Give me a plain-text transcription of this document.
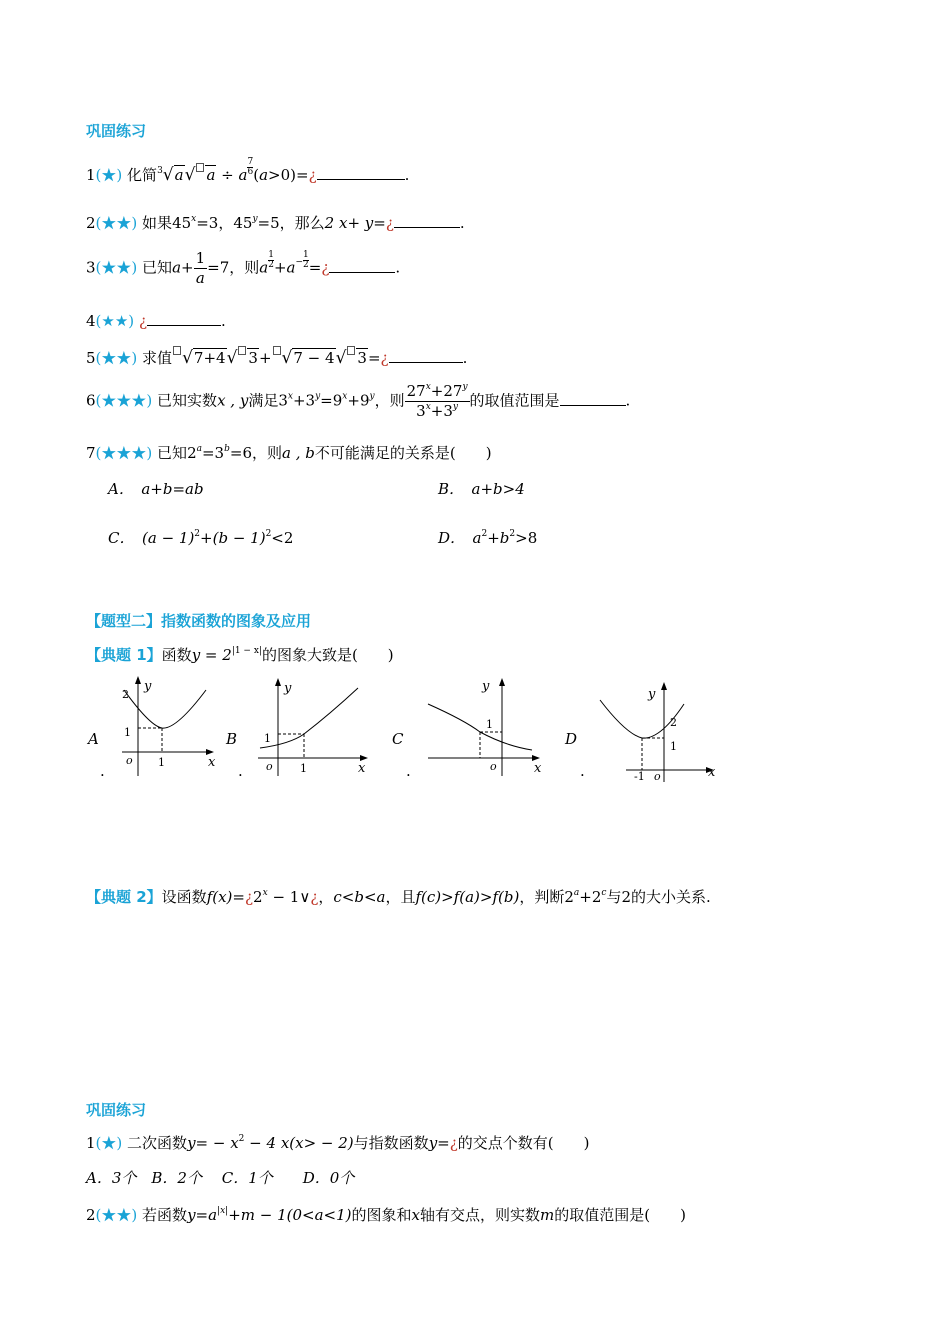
巩固练习
1(★) 化简$^3$√a√ a ÷ a $\frac{7}{6}$ (a>0)=¿	.
2(★★) 如果$45^x=3$，$45^y=5$，那么2 x+ y=¿	.
3(★★) 已知$a+ \frac{1}{a} =7$，则a $\frac{1}{2} +a^- \frac{1}{2}$ =¿	.
4(★★) ¿	.
5(★★) 求值 √7+4√ 3+ √7 − 4√ 3=¿	.
6(★★★) 已知实数x , y满足$3^x+3^y=9^x+9^y$，则 $\frac{27^x+27^y}{3^x+3^y}$ 的取值范围是	.
7(★★★) 已知$2^a=3^b=6$，则a , b不可能满足的关系是(　　)
A．　 a+b=ab	B．　 a+b>4
C．　 $(a - 1)^2+(b - 1)^2<2$	D．　 $a^2+b^2>8$
【题型二】指数函数的图象及应用
【典题 1】函数$y = 2^{|1 - x|}$的图象大致是(　　)
A
.
y
x
o
2
1
1
B
.
y
x
o
1
1
C
.
y
x
o
1
D
.
y
x
o
2
1
-1
【典题 2】设函数$f(x)=¿2^x$ − 1∨¿，c<b<a，且f(c)>f(a)>f(b)，判断$2^a+2^c$与2的大小关系.
巩固练习
1(★) 二次函数$y= - x^2 - 4$ x(x> − 2)与指数函数y=¿的交点个数有(　　)
A．3个　B．2个　 C．1个　　D．0个
2(★★) 若函数$y=a^{|x|}+m - 1(0<a<1)$的图象和x轴有交点，则实数m的取值范围是(　　)
